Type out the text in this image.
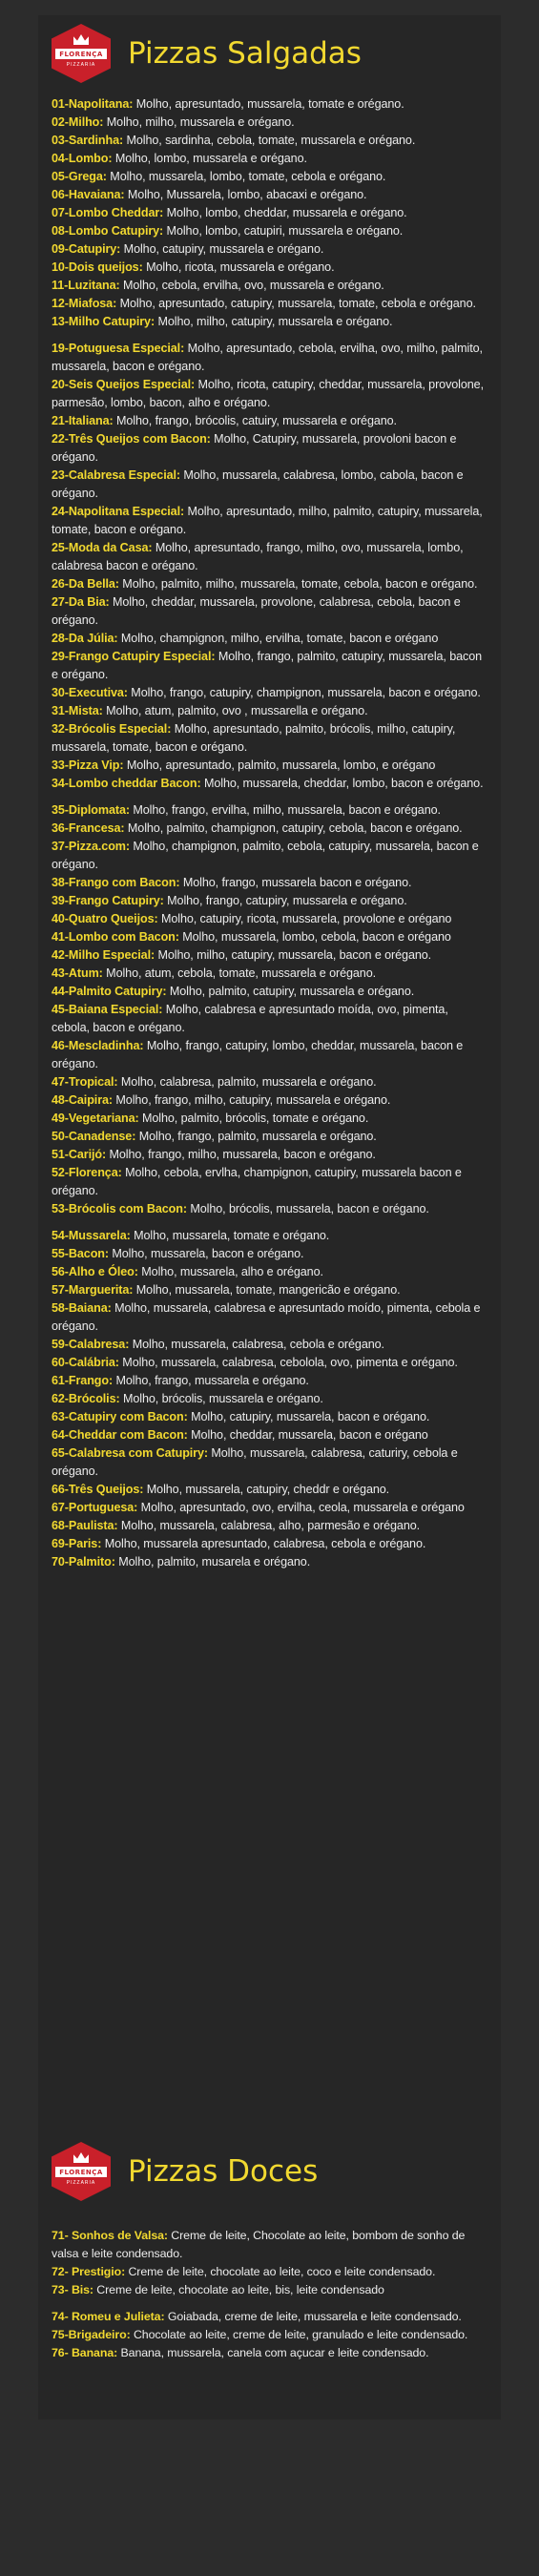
FLORENÇA
PIZZARIA	Pizzas Salgadas

01-Napolitana: Molho, apresuntado, mussarela, tomate e orégano.

02-Milho: Molho, milho, mussarela e orégano.

03-Sardinha: Molho, sardinha, cebola, tomate, mussarela e orégano.

04-Lombo: Molho, lombo, mussarela e orégano.

05-Grega: Molho, mussarela, lombo, tomate, cebola e orégano.

06-Havaiana: Molho, Mussarela, lombo, abacaxi e orégano.

07-Lombo Cheddar: Molho, lombo, cheddar, mussarela e orégano.

08-Lombo Catupiry: Molho, lombo, catupiri, mussarela e orégano.

09-Catupiry: Molho, catupiry, mussarela e orégano.

10-Dois queijos: Molho, ricota, mussarela e orégano.

11-Luzitana: Molho, cebola, ervilha, ovo, mussarela e orégano.

12-Miafosa: Molho, apresuntado, catupiry, mussarela, tomate, cebola e orégano.

13-Milho Catupiry: Molho, milho, catupiry, mussarela e orégano.

19-Potuguesa Especial: Molho, apresuntado, cebola, ervilha, ovo, milho, palmito, mussarela, bacon e orégano.

20-Seis Queijos Especial: Molho, ricota, catupiry, cheddar, mussarela, provolone, parmesão, lombo, bacon, alho e orégano.

21-Italiana: Molho, frango, brócolis, catuiry, mussarela e orégano.

22-Três Queijos com Bacon: Molho, Catupiry, mussarela, provoloni bacon e orégano.

23-Calabresa Especial: Molho, mussarela, calabresa, lombo, cabola, bacon e orégano.

24-Napolitana Especial: Molho, apresuntado, milho, palmito, catupiry, mussarela, tomate, bacon e orégano.

25-Moda da Casa: Molho, apresuntado, frango, milho, ovo, mussarela, lombo, calabresa bacon e orégano.

26-Da Bella: Molho, palmito, milho, mussarela, tomate, cebola, bacon e orégano.

27-Da Bia: Molho, cheddar, mussarela, provolone, calabresa, cebola, bacon e orégano.

28-Da Júlia: Molho, champignon, milho, ervilha, tomate, bacon e orégano

29-Frango Catupiry Especial: Molho, frango, palmito, catupiry, mussarela, bacon e orégano.

30-Executiva: Molho, frango, catupiry, champignon, mussarela, bacon e orégano.

31-Mista: Molho, atum, palmito, ovo , mussarella e orégano.

32-Brócolis Especial: Molho, apresuntado, palmito, brócolis, milho, catupiry, mussarela, tomate, bacon e orégano.

33-Pizza Vip: Molho, apresuntado, palmito, mussarela, lombo, e orégano

34-Lombo cheddar Bacon: Molho, mussarela, cheddar, lombo, bacon e orégano.

35-Diplomata: Molho, frango, ervilha, milho, mussarela, bacon e orégano.

36-Francesa: Molho, palmito, champignon, catupiry, cebola, bacon e orégano.

37-Pizza.com: Molho, champignon, palmito, cebola, catupiry, mussarela, bacon e orégano.

38-Frango com Bacon: Molho, frango, mussarela bacon e orégano.

39-Frango Catupiry: Molho, frango, catupiry, mussarela e orégano.

40-Quatro Queijos: Molho, catupiry, ricota, mussarela, provolone e orégano

41-Lombo com Bacon: Molho, mussarela, lombo, cebola, bacon e orégano

42-Milho Especial: Molho, milho, catupiry, mussarela, bacon e orégano.

43-Atum: Molho, atum, cebola, tomate, mussarela e orégano.

44-Palmito Catupiry: Molho, palmito, catupiry, mussarela e orégano.

45-Baiana Especial: Molho, calabresa e apresuntado moída, ovo, pimenta, cebola, bacon e orégano.

46-Mescladinha: Molho, frango, catupiry, lombo, cheddar, mussarela, bacon e orégano.

47-Tropical: Molho, calabresa, palmito, mussarela e orégano.

48-Caipira: Molho, frango, milho, catupiry, mussarela e orégano.

49-Vegetariana: Molho, palmito, brócolis, tomate e orégano.

50-Canadense: Molho, frango, palmito, mussarela e orégano.

51-Carijó: Molho, frango, milho, mussarela, bacon e orégano.

52-Florença: Molho, cebola, ervlha, champignon, catupiry, mussarela bacon e orégano.

53-Brócolis com Bacon: Molho, brócolis, mussarela, bacon e orégano.

54-Mussarela: Molho, mussarela, tomate e orégano.

55-Bacon: Molho, mussarela, bacon e orégano.

56-Alho e Óleo: Molho, mussarela, alho e orégano.

57-Marguerita: Molho, mussarela, tomate, mangericão e orégano.

58-Baiana: Molho, mussarela, calabresa e apresuntado moído, pimenta, cebola e orégano.

59-Calabresa: Molho, mussarela, calabresa, cebola e orégano.

60-Calábria: Molho, mussarela, calabresa, cebolola, ovo, pimenta e orégano.

61-Frango: Molho, frango, mussarela e orégano.

62-Brócolis: Molho, brócolis, mussarela e orégano.

63-Catupiry com Bacon: Molho, catupiry, mussarela, bacon e orégano.

64-Cheddar com Bacon: Molho, cheddar, mussarela, bacon e orégano

65-Calabresa com Catupiry: Molho, mussarela, calabresa, caturiry, cebola e orégano.

66-Três Queijos: Molho, mussarela, catupiry, cheddr e orégano.

67-Portuguesa: Molho, apresuntado, ovo, ervilha, ceola, mussarela e orégano

68-Paulista: Molho, mussarela, calabresa, alho, parmesão e orégano.

69-Paris: Molho, mussarela apresuntado, calabresa, cebola e orégano.

70-Palmito: Molho, palmito, musarela e orégano.

FLORENÇA
PIZZARIA	Pizzas Doces

71- Sonhos de Valsa: Creme de leite, Chocolate ao leite, bombom de sonho de valsa e leite condensado.

72- Prestigio: Creme de leite, chocolate ao leite, coco e leite condensado.

73- Bis: Creme de leite, chocolate ao leite, bis, leite condensado

74- Romeu e Julieta: Goiabada, creme de leite, mussarela e leite condensado.

75-Brigadeiro: Chocolate ao leite, creme de leite, granulado e leite condensado.

76- Banana: Banana, mussarela, canela com açucar e leite condensado.
